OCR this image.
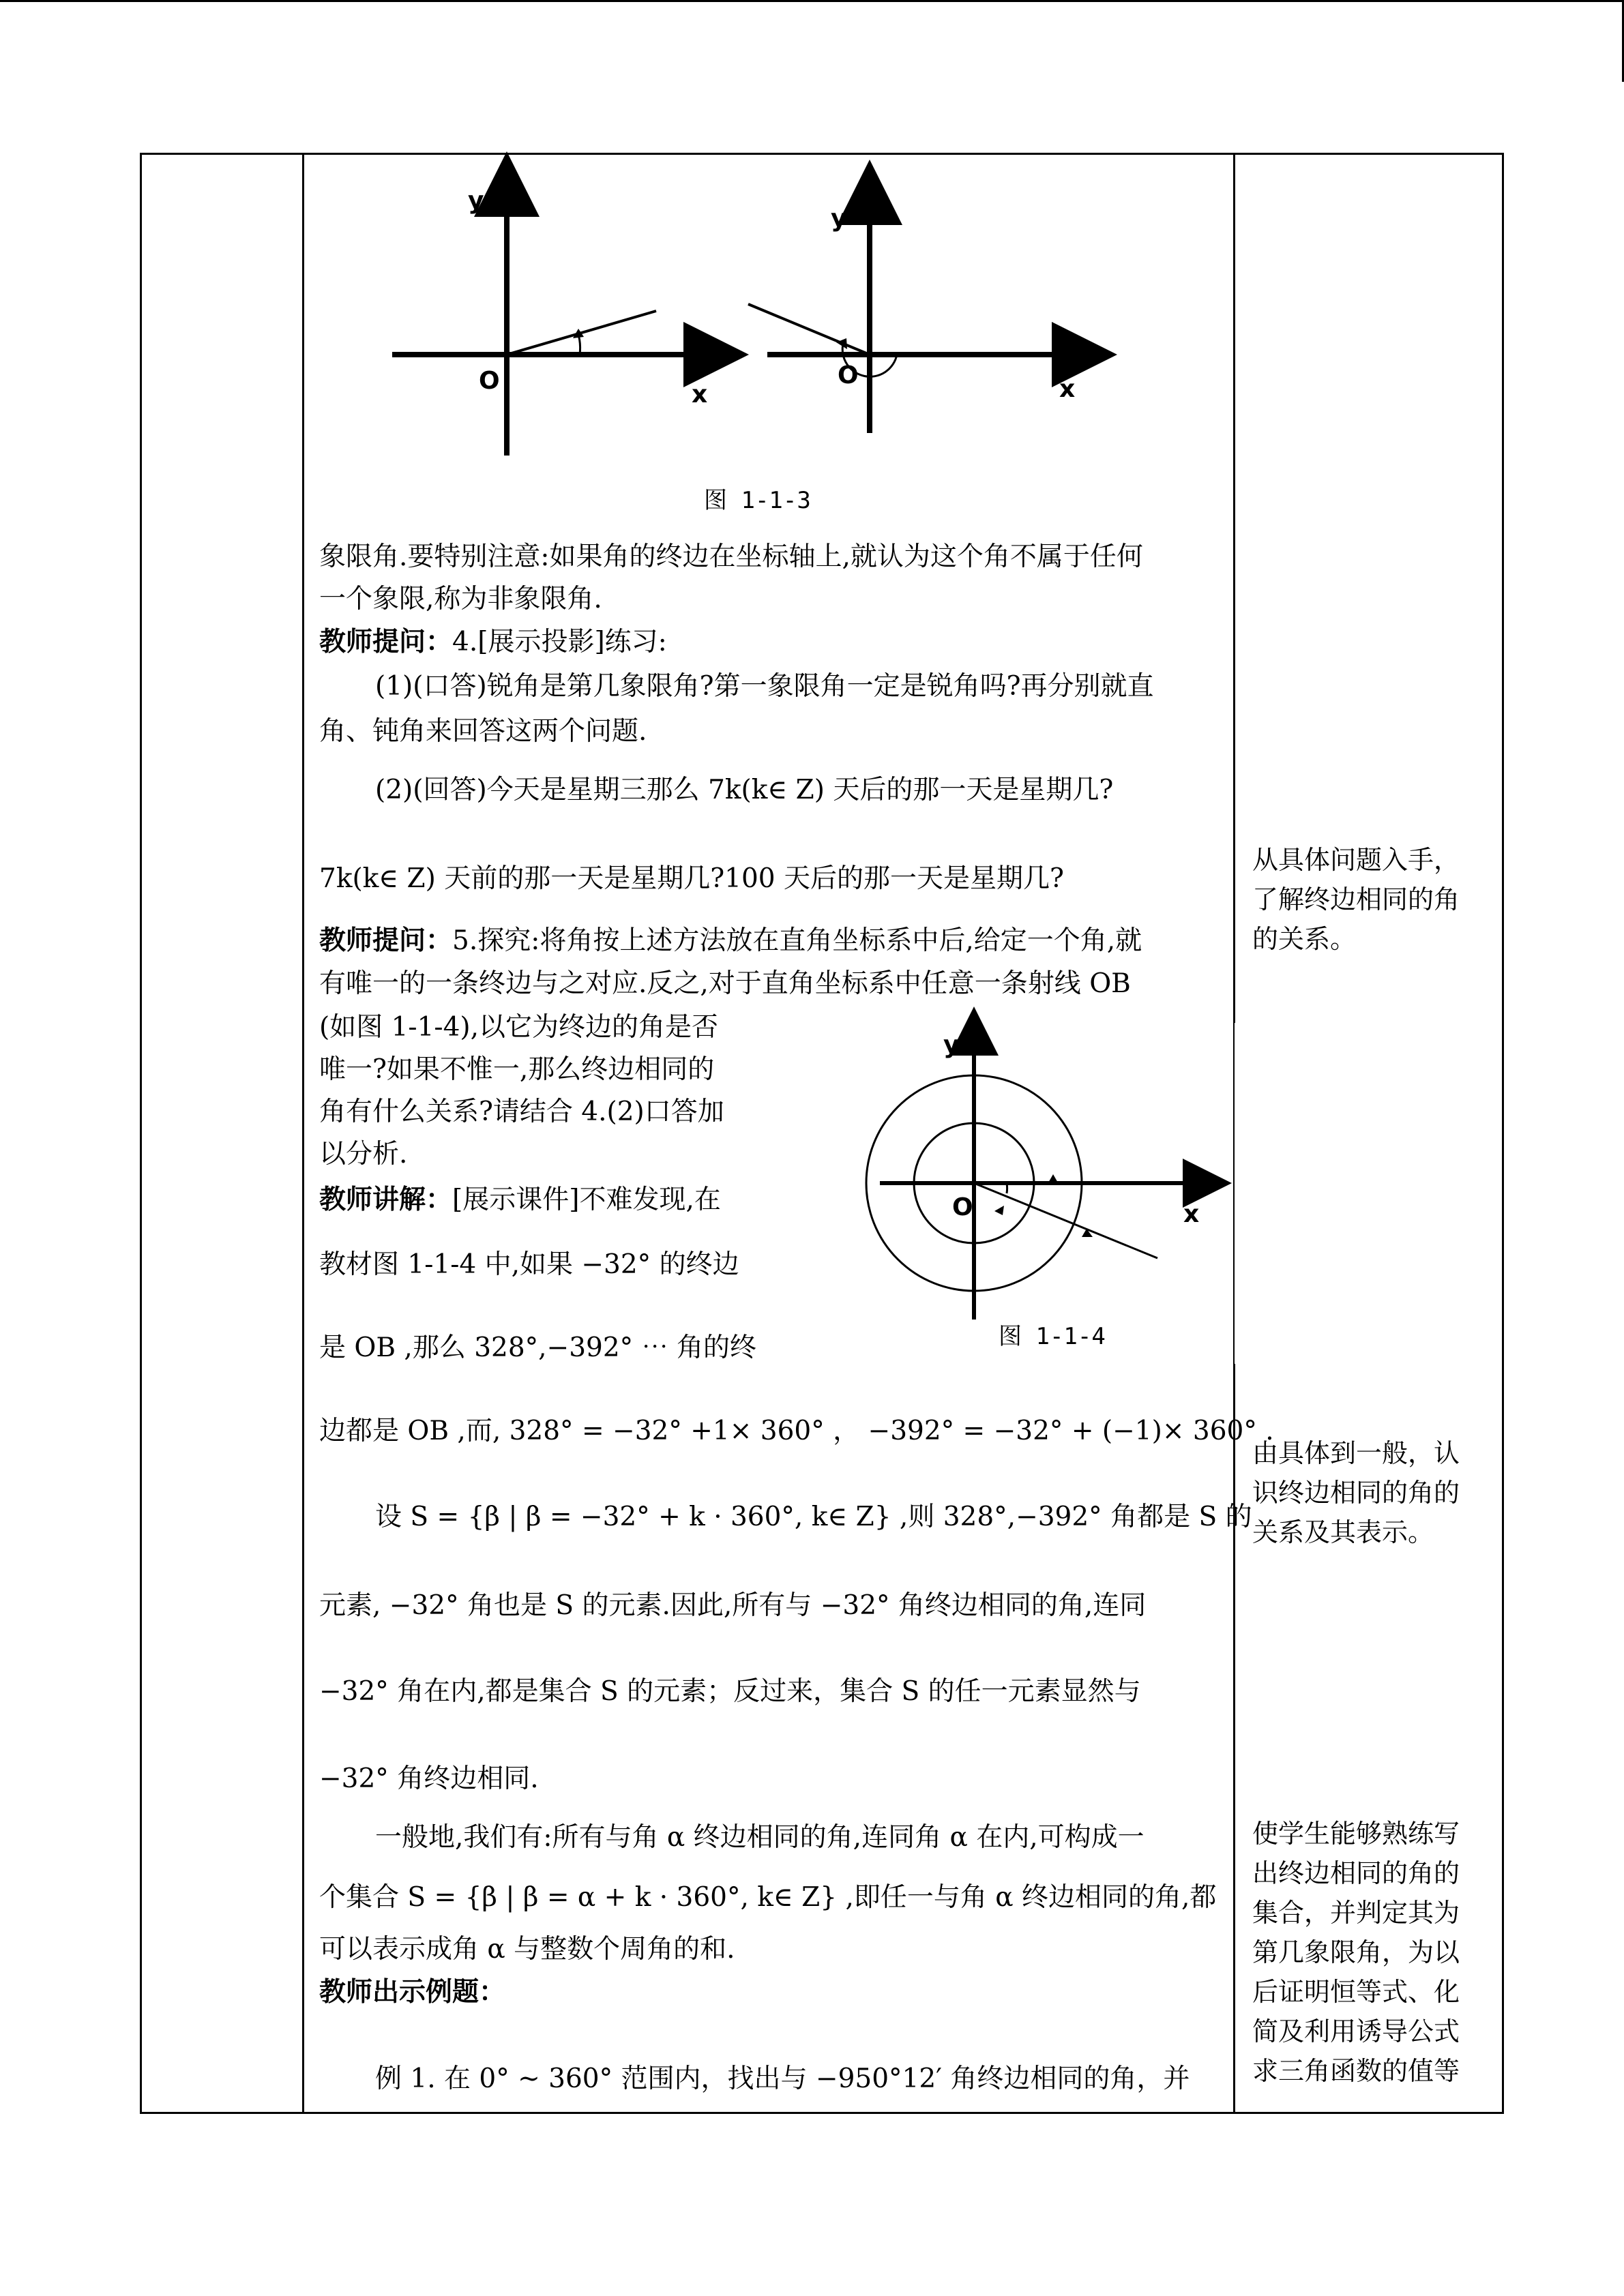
y
O	x
y
O	x
图 1-1-3
y
O	x
图 1-1-4
象限角.要特别注意:如果角的终边在坐标轴上,就认为这个角不属于任何
一个象限,称为非象限角.
教师提问：4.[展示投影]练习:
(1)(口答)锐角是第几象限角?第一象限角一定是锐角吗?再分别就直
角、钝角来回答这两个问题.
(2)(回答)今天是星期三那么 7k(k∈ Z) 天后的那一天是星期几?
7k(k∈ Z) 天前的那一天是星期几?100 天后的那一天是星期几?
教师提问：5.探究:将角按上述方法放在直角坐标系中后,给定一个角,就
有唯一的一条终边与之对应.反之,对于直角坐标系中任意一条射线 OB
(如图 1-1-4),以它为终边的角是否
唯一?如果不惟一,那么终边相同的
角有什么关系?请结合 4.(2)口答加
以分析.
教师讲解：[展示课件]不难发现,在
教材图 1-1-4 中,如果 −32° 的终边
是 OB ,那么 328°,−392° ⋯ 角的终
边都是 OB ,而, 328° = −32° +1× 360° ， −392° = −32° + (−1)× 360° .
设 S = {β | β = −32° + k · 360°, k∈ Z} ,则 328°,−392° 角都是 S 的
元素, −32° 角也是 S 的元素.因此,所有与 −32° 角终边相同的角,连同
−32° 角在内,都是集合 S 的元素；反过来，集合 S 的任一元素显然与
−32° 角终边相同.
一般地,我们有:所有与角 α 终边相同的角,连同角 α 在内,可构成一
个集合 S = {β | β = α + k · 360°, k∈ Z} ,即任一与角 α 终边相同的角,都
可以表示成角 α 与整数个周角的和.
教师出示例题：
例 1. 在 0° ~ 360° 范围内，找出与 −950°12′ 角终边相同的角，并
从具体问题入手，
了解终边相同的角
的关系。
由具体到一般，认
识终边相同的角的
关系及其表示。
使学生能够熟练写
出终边相同的角的
集合，并判定其为
第几象限角，为以
后证明恒等式、化
简及利用诱导公式
求三角函数的值等
